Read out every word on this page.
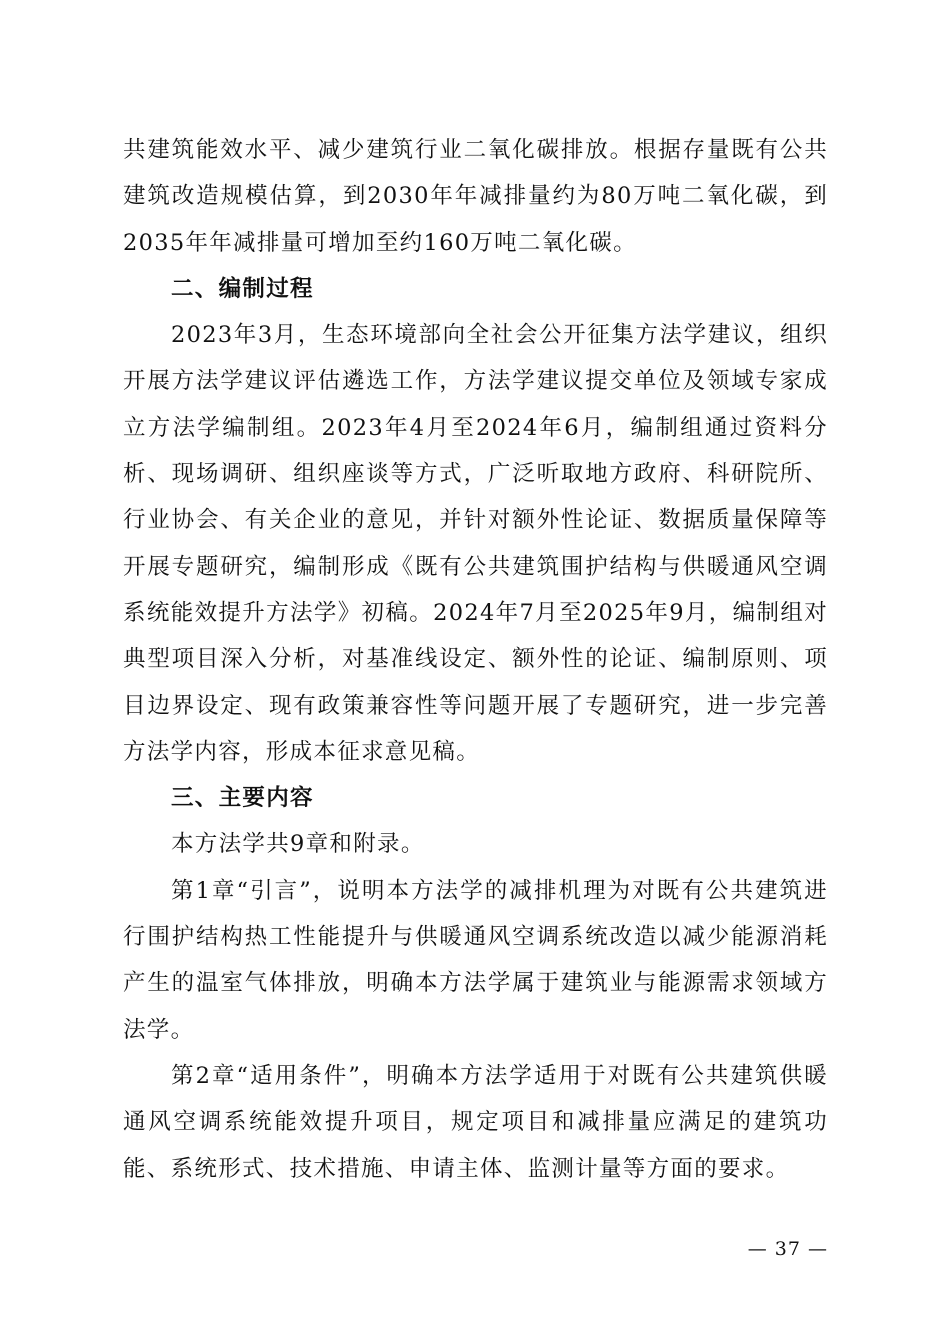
共建筑能效水平、减少建筑行业二氧化碳排放。根据存量既有公共建筑改造规模估算，到2030年年减排量约为80万吨二氧化碳，到2035年年减排量可增加至约160万吨二氧化碳。

二、编制过程

2023年3月，生态环境部向全社会公开征集方法学建议，组织开展方法学建议评估遴选工作，方法学建议提交单位及领域专家成立方法学编制组。2023年4月至2024年6月，编制组通过资料分析、现场调研、组织座谈等方式，广泛听取地方政府、科研院所、行业协会、有关企业的意见，并针对额外性论证、数据质量保障等开展专题研究，编制形成《既有公共建筑围护结构与供暖通风空调系统能效提升方法学》初稿。2024年7月至2025年9月，编制组对典型项目深入分析，对基准线设定、额外性的论证、编制原则、项目边界设定、现有政策兼容性等问题开展了专题研究，进一步完善方法学内容，形成本征求意见稿。

三、主要内容

本方法学共9章和附录。

第1章“引言”，说明本方法学的减排机理为对既有公共建筑进行围护结构热工性能提升与供暖通风空调系统改造以减少能源消耗产生的温室气体排放，明确本方法学属于建筑业与能源需求领域方法学。

第2章“适用条件”，明确本方法学适用于对既有公共建筑供暖通风空调系统能效提升项目，规定项目和减排量应满足的建筑功能、系统形式、技术措施、申请主体、监测计量等方面的要求。

— 37 —
